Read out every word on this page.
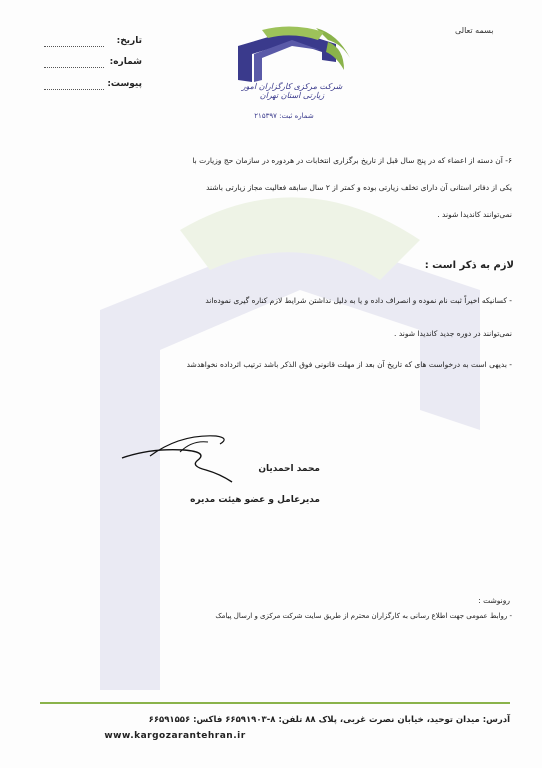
بسمه تعالی
تاریخ:
شماره:
پیوست:	شرکت مرکزی کارگزاران امور زیارتی استان تهران
شماره ثبت: ۲۱۵۳۹۷
۶- آن دسته از اعضاء که در پنج سال قبل از تاریخ برگزاری انتخابات در هردوره در سازمان حج وزیارت با
یکی از دفاتر استانی آن دارای تخلف زیارتی بوده و کمتر از ۲ سال سابقه فعالیت مجاز زیارتی باشند
نمی‌توانند کاندیدا شوند .
لازم به ذکر است :
- کسانیکه اخیراً ثبت نام نموده و انصراف داده و یا به دلیل نداشتن شرایط لازم کناره گیری نموده‌اند
نمی‌توانند در دوره جدید کاندیدا شوند .
- بدیهی است به درخواست های که تاریخ آن بعد از مهلت قانونی فوق الذکر باشد ترتیب اثرداده نخواهدشد
محمد احمدیان
مدیرعامل و عضو هیئت مدیره
رونوشت :
- روابط عمومی جهت اطلاع رسانی به کارگزاران محترم از طریق سایت شرکت مرکزی و ارسال پیامک
آدرس: میدان توحید، خیابان نصرت غربی، پلاک ۸۸ تلفن: ۸-۶۶۵۹۱۹۰۳ فاکس: ۶۶۵۹۱۵۵۶
www.kargozarantehran.ir
